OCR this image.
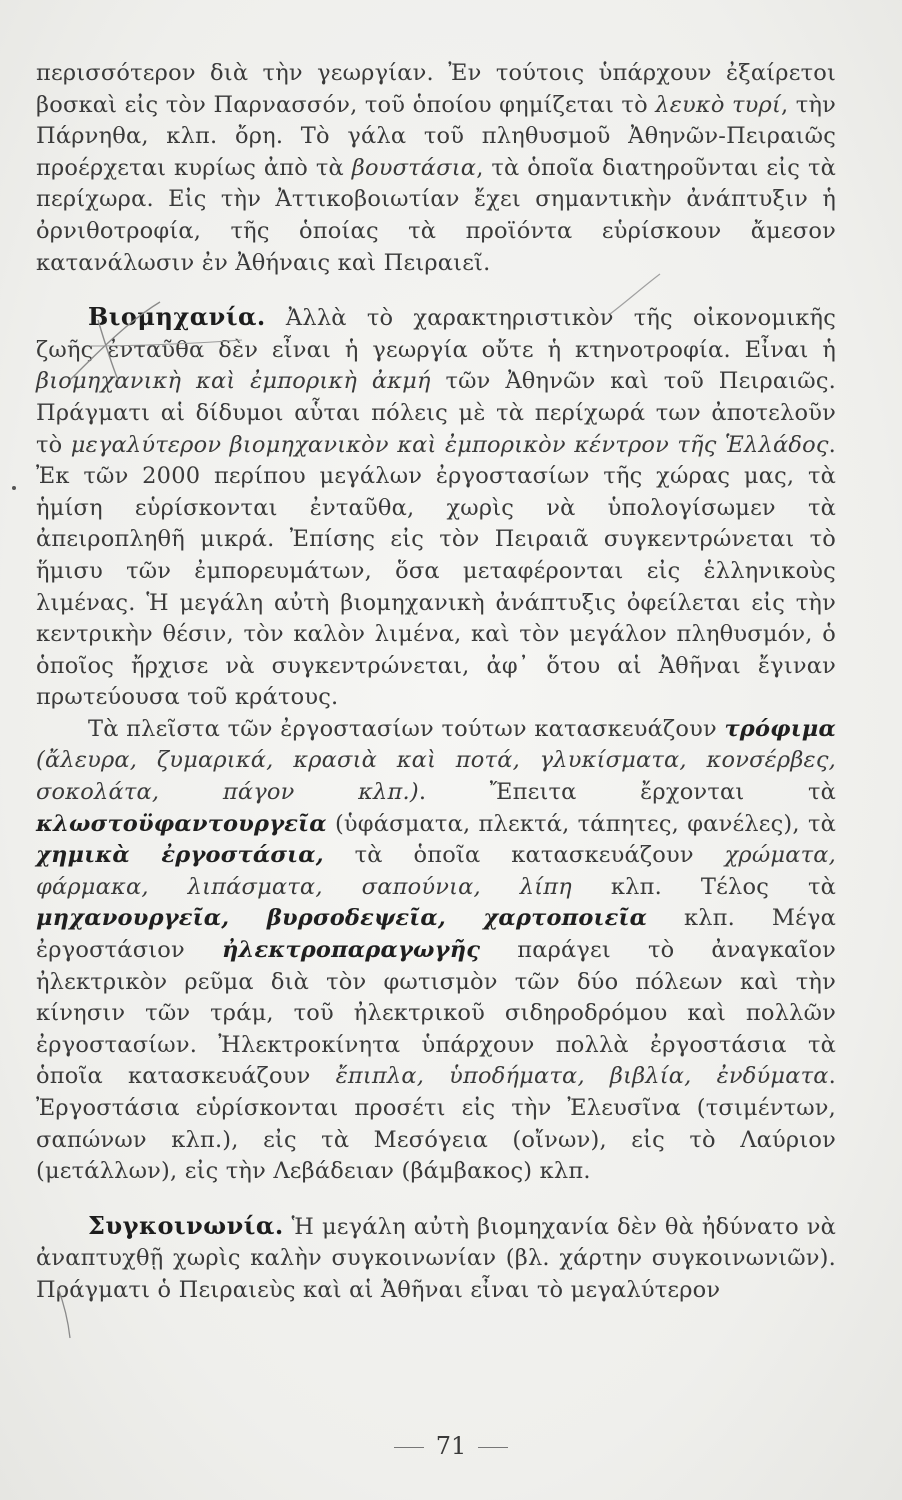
περισσότερον διὰ τὴν γεωργίαν. Ἐν τούτοις ὑπάρχουν ἐξαίρετοι βοσκαὶ εἰς τὸν Παρνασσόν, τοῦ ὁποίου φημίζεται τὸ λευκὸ τυρί, τὴν Πάρνηθα, κλπ. ὄρη. Τὸ γάλα τοῦ πληθυσμοῦ Ἀθηνῶν-Πειραιῶς προέρχεται κυρίως ἀπὸ τὰ βουστάσια, τὰ ὁποῖα διατηροῦνται εἰς τὰ περίχωρα. Εἰς τὴν Ἀττικοβοιωτίαν ἔχει σημαντικὴν ἀνάπτυξιν ἡ ὀρνιθοτροφία, τῆς ὁποίας τὰ προϊόντα εὑρίσκουν ἄμεσον κατανάλωσιν ἐν Ἀθήναις καὶ Πειραιεῖ.

Βιομηχανία. Ἀλλὰ τὸ χαρακτηριστικὸν τῆς οἰκονομικῆς ζωῆς ἐνταῦθα δὲν εἶναι ἡ γεωργία οὔτε ἡ κτηνοτροφία. Εἶναι ἡ βιομηχανικὴ καὶ ἐμπορικὴ ἀκμή τῶν Ἀθηνῶν καὶ τοῦ Πειραιῶς. Πράγματι αἱ δίδυμοι αὗται πόλεις μὲ τὰ περίχωρά των ἀποτελοῦν τὸ μεγαλύτερον βιομηχανικὸν καὶ ἐμπορικὸν κέντρον τῆς Ἑλλάδος. Ἐκ τῶν 2000 περίπου μεγάλων ἐργοστασίων τῆς χώρας μας, τὰ ἡμίση εὑρίσκονται ἐνταῦθα, χωρὶς νὰ ὑπολογίσωμεν τὰ ἀπειροπληθῆ μικρά. Ἐπίσης εἰς τὸν Πειραιᾶ συγκεντρώνεται τὸ ἥμισυ τῶν ἐμπορευμάτων, ὅσα μεταφέρονται εἰς ἑλληνικοὺς λιμένας. Ἡ μεγάλη αὐτὴ βιομηχανικὴ ἀνάπτυξις ὀφείλεται εἰς τὴν κεντρικὴν θέσιν, τὸν καλὸν λιμένα, καὶ τὸν μεγάλον πληθυσμόν, ὁ ὁποῖος ἤρχισε νὰ συγκεντρώνεται, ἀφ᾿ ὅτου αἱ Ἀθῆναι ἔγιναν πρωτεύουσα τοῦ κράτους.

Τὰ πλεῖστα τῶν ἐργοστασίων τούτων κατασκευάζουν τρόφιμα (ἄλευρα, ζυμαρικά, κρασιὰ καὶ ποτά, γλυκίσματα, κονσέρβες, σοκολάτα, πάγον κλπ.). Ἔπειτα ἔρχονται τὰ κλωστοϋφαντουργεῖα (ὑφάσματα, πλεκτά, τάπητες, φανέλες), τὰ χημικὰ ἐργοστάσια, τὰ ὁποῖα κατασκευάζουν χρώματα, φάρμακα, λιπάσματα, σαπούνια, λίπη κλπ. Τέλος τὰ μηχανουργεῖα, βυρσοδεψεῖα, χαρτοποιεῖα κλπ. Μέγα ἐργοστάσιον ἠλεκτροπαραγωγῆς παράγει τὸ ἀναγκαῖον ἠλεκτρικὸν ρεῦμα διὰ τὸν φωτισμὸν τῶν δύο πόλεων καὶ τὴν κίνησιν τῶν τράμ, τοῦ ἠλεκτρικοῦ σιδηροδρόμου καὶ πολλῶν ἐργοστασίων. Ἠλεκτροκίνητα ὑπάρχουν πολλὰ ἐργοστάσια τὰ ὁποῖα κατασκευάζουν ἔπιπλα, ὑποδήματα, βιβλία, ἐνδύματα. Ἐργοστάσια εὑρίσκονται προσέτι εἰς τὴν Ἐλευσῖνα (τσιμέντων, σαπώνων κλπ.), εἰς τὰ Μεσόγεια (οἴνων), εἰς τὸ Λαύριον (μετάλλων), εἰς τὴν Λεβάδειαν (βάμβακος) κλπ.

Συγκοινωνία. Ἡ μεγάλη αὐτὴ βιομηχανία δὲν θὰ ἠδύνατο νὰ ἀναπτυχθῇ χωρὶς καλὴν συγκοινωνίαν (βλ. χάρτην συγκοινωνιῶν). Πράγματι ὁ Πειραιεὺς καὶ αἱ Ἀθῆναι εἶναι τὸ μεγαλύτερον

71
